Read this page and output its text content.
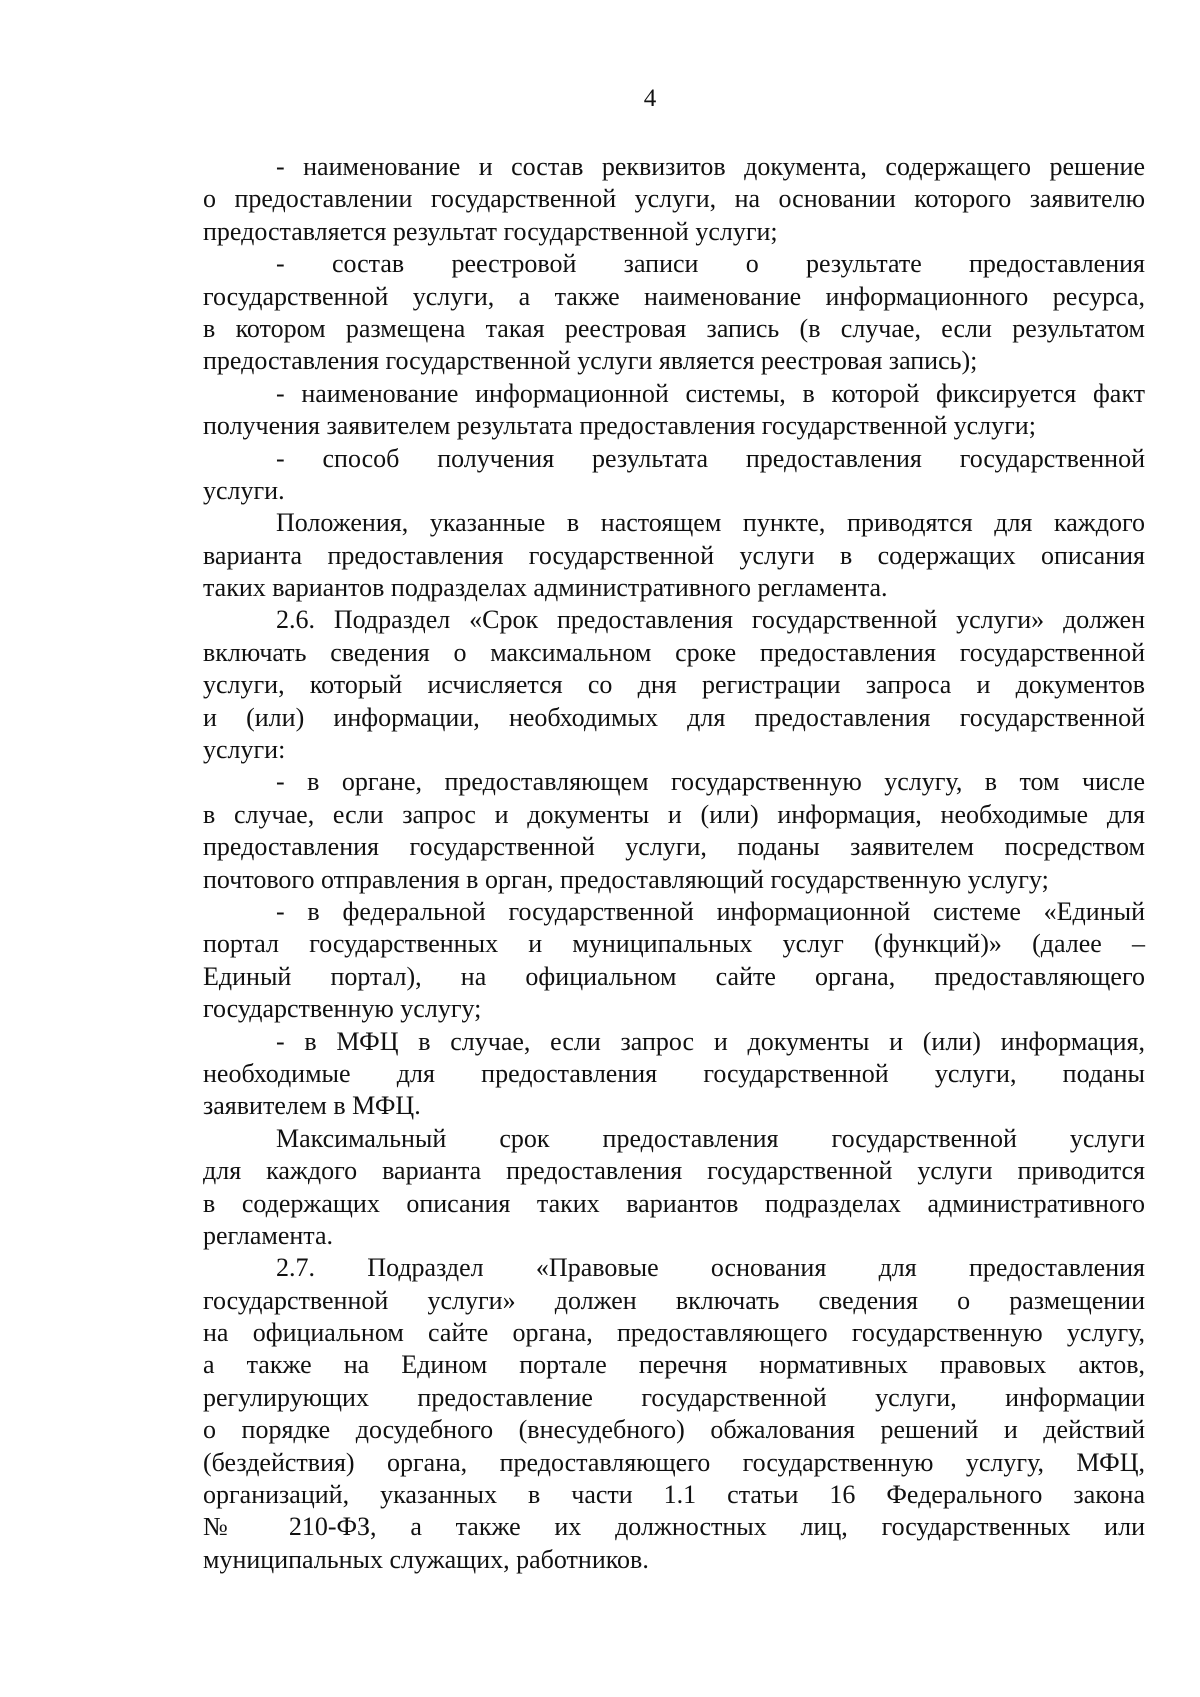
4
- наименование и состав реквизитов документа, содержащего решение
о предоставлении государственной услуги, на основании которого заявителю
предоставляется результат государственной услуги;
- состав реестровой записи о результате предоставления
государственной услуги, а также наименование информационного ресурса,
в котором размещена такая реестровая запись (в случае, если результатом
предоставления государственной услуги является реестровая запись);
- наименование информационной системы, в которой фиксируется факт
получения заявителем результата предоставления государственной услуги;
- способ получения результата предоставления государственной
услуги.
Положения, указанные в настоящем пункте, приводятся для каждого
варианта предоставления государственной услуги в содержащих описания
таких вариантов подразделах административного регламента.
2.6. Подраздел «Срок предоставления государственной услуги» должен
включать сведения о максимальном сроке предоставления государственной
услуги, который исчисляется со дня регистрации запроса и документов
и (или) информации, необходимых для предоставления государственной
услуги:
- в органе, предоставляющем государственную услугу, в том числе
в случае, если запрос и документы и (или) информация, необходимые для
предоставления государственной услуги, поданы заявителем посредством
почтового отправления в орган, предоставляющий государственную услугу;
- в федеральной государственной информационной системе «Единый
портал государственных и муниципальных услуг (функций)» (далее –
Единый портал), на официальном сайте органа, предоставляющего
государственную услугу;
- в МФЦ в случае, если запрос и документы и (или) информация,
необходимые для предоставления государственной услуги, поданы
заявителем в МФЦ.
Максимальный срок предоставления государственной услуги
для каждого варианта предоставления государственной услуги приводится
в содержащих описания таких вариантов подразделах административного
регламента.
2.7. Подраздел «Правовые основания для предоставления
государственной услуги» должен включать сведения о размещении
на официальном сайте органа, предоставляющего государственную услугу,
а также на Едином портале перечня нормативных правовых актов,
регулирующих предоставление государственной услуги, информации
о порядке досудебного (внесудебного) обжалования решений и действий
(бездействия) органа, предоставляющего государственную услугу, МФЦ,
организаций, указанных в части 1.1 статьи 16 Федерального закона
№ 210-ФЗ, а также их должностных лиц, государственных или
муниципальных служащих, работников.
